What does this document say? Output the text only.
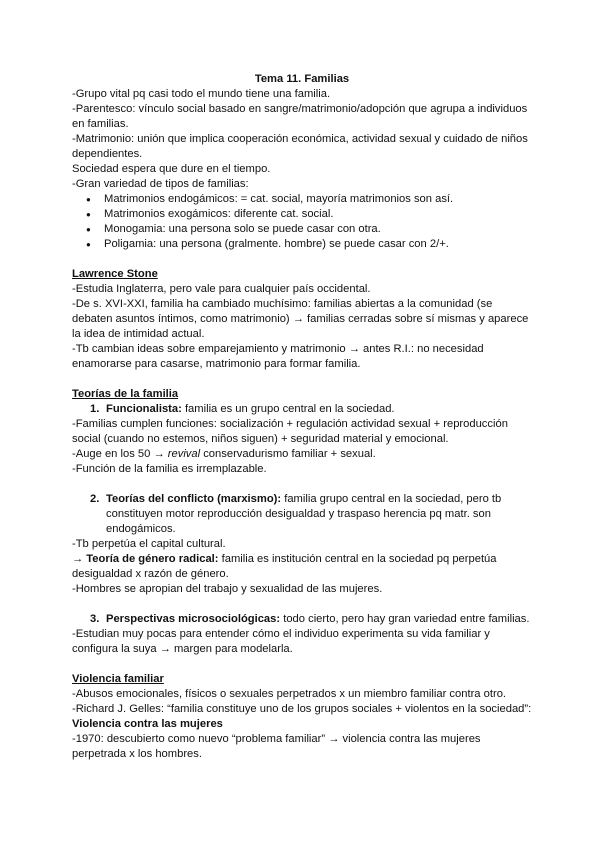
Tema 11. Familias

-Grupo vital pq casi todo el mundo tiene una familia.

-Parentesco: vínculo social basado en sangre/matrimonio/adopción que agrupa a individuos en familias.

-Matrimonio: unión que implica cooperación económica, actividad sexual y cuidado de niños dependientes.

Sociedad espera que dure en el tiempo.

-Gran variedad de tipos de familias:

● Matrimonios endogámicos: = cat. social, mayoría matrimonios son así.
● Matrimonios exogámicos: diferente cat. social.
● Monogamia: una persona solo se puede casar con otra.
● Poligamia: una persona (gralmente. hombre) se puede casar con 2/+.

Lawrence Stone

-Estudia Inglaterra, pero vale para cualquier país occidental.

-De s. XVI-XXI, familia ha cambiado muchísimo: familias abiertas a la comunidad (se debaten asuntos íntimos, como matrimonio) → familias cerradas sobre sí mismas y aparece la idea de intimidad actual.

-Tb cambian ideas sobre emparejamiento y matrimonio → antes R.I.: no necesidad enamorarse para casarse, matrimonio para formar familia.

Teorías de la familia

1. Funcionalista: familia es un grupo central en la sociedad.

-Familias cumplen funciones: socialización + regulación actividad sexual + reproducción social (cuando no estemos, niños siguen) + seguridad material y emocional.

-Auge en los 50 → revival conservadurismo familiar + sexual.

-Función de la familia es irremplazable.

2. Teorías del conflicto (marxismo): familia grupo central en la sociedad, pero tb constituyen motor reproducción desigualdad y traspaso herencia pq matr. son endogámicos.

-Tb perpetúa el capital cultural.

→ Teoría de género radical: familia es institución central en la sociedad pq perpetúa desigualdad x razón de género.

-Hombres se apropian del trabajo y sexualidad de las mujeres.

3. Perspectivas microsociológicas: todo cierto, pero hay gran variedad entre familias.

-Estudian muy pocas para entender cómo el individuo experimenta su vida familiar y configura la suya → margen para modelarla.

Violencia familiar

-Abusos emocionales, físicos o sexuales perpetrados x un miembro familiar contra otro.

-Richard J. Gelles: “familia constituye uno de los grupos sociales + violentos en la sociedad”:

Violencia contra las mujeres

-1970: descubierto como nuevo “problema familiar” → violencia contra las mujeres perpetrada x los hombres.
